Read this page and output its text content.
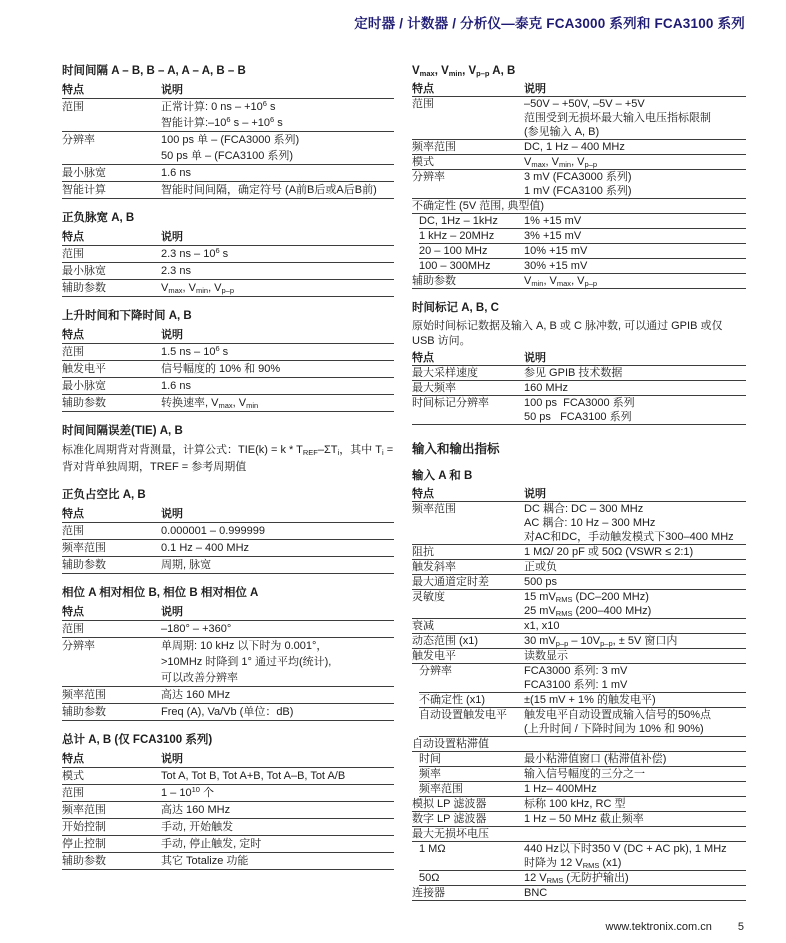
定时器 / 计数器 / 分析仪—泰克 FCA3000 系列和 FCA3100 系列
时间间隔 A – B, B – A, A – A, B – B
特点	说明
范围	正常计算: 0 ns – $+10^6$ s
智能计算$:-10^6$ $s - +10^6$ s
分辨率	100 ps 单 – (FCA3000 系列)
50 ps 单 – (FCA3100 系列)
最小脉宽	1.6 ns
智能计算	智能时间间隔，确定符号 (A前B后或A后B前)
正负脉宽 A, B
特点	说明
范围	2.3 ns – $10^6$ s
最小脉宽	2.3 ns
辅助参数	$V_{max}$, $V_{min}$, $V_{p-p}$
上升时间和下降时间 A, B
特点	说明
范围	1.5 ns – $10^6$ s
触发电平	信号幅度的 10% 和 90%
最小脉宽	1.6 ns
辅助参数	转换速率, $V_{max}$, $V_{min}$
时间间隔误差(TIE) A, B
标准化周期背对背测量，计算公式：$TIE(k) = k * T_{REF}-\Sigma T_i$，其中 $T_i$ = 背对背单独周期，TREF = 参考周期值
正负占空比 A, B
特点	说明
范围	0.000001 – 0.999999
频率范围	0.1 Hz – 400 MHz
辅助参数	周期, 脉宽
相位 A 相对相位 B, 相位 B 相对相位 A
特点	说明
范围	–180° – +360°
分辨率	单周期: 10 kHz 以下时为 0.001°，
>10MHz 时降到 1° 通过平均(统计),
可以改善分辨率
频率范围	高达 160 MHz
辅助参数	Freq (A), Va/Vb (单位：dB)
总计 A, B (仅 FCA3100 系列)
特点	说明
模式	Tot A, Tot B, Tot A+B, Tot A–B, Tot A/B
范围	$1 - 10^{10}$ 个
频率范围	高达 160 MHz
开始控制	手动, 开始触发
停止控制	手动, 停止触发, 定时
辅助参数	其它 Totalize 功能
$V_{max}$, $V_{min}$, $V_{p-p}$ A, B
特点	说明
范围	–50V – +50V, –5V – +5V
范围受到无损坏最大输入电压指标限制
(参见输入 A, B)
频率范围	DC, 1 Hz – 400 MHz
模式	$V_{max}$, $V_{min}$, $V_{p-p}$
分辨率	3 mV (FCA3000 系列)
1 mV (FCA3100 系列)
不确定性 (5V 范围, 典型值)
DC, 1Hz – 1kHz	1% +15 mV
1 kHz – 20MHz	3% +15 mV
20 – 100 MHz	10% +15 mV
100 – 300MHz	30% +15 mV
辅助参数	$V_{min}$, $V_{max}$, $V_{p-p}$
时间标记 A, B, C
原始时间标记数据及输入 A, B 或 C 脉冲数, 可以通过 GPIB 或仅 USB 访问。
特点	说明
最大采样速度	参见 GPIB 技术数据
最大频率	160 MHz
时间标记分辨率	100 ps  FCA3000 系列
50 ps   FCA3100 系列
输入和输出指标
输入 A 和 B
特点	说明
频率范围	DC 耦合: DC – 300 MHz
AC 耦合: 10 Hz – 300 MHz
对AC和DC，手动触发模式下300–400 MHz
阻抗	1 MΩ/ 20 pF 或 50Ω (VSWR ≤ 2:1)
触发斜率	正或负
最大通道定时差	500 ps
灵敏度	15 $mV_{RMS}$ (DC–200 MHz)
25 $mV_{RMS}$ (200–400 MHz)
衰减	x1, x10
动态范围 (x1)	30 $mV_{p-p} - 10V_{p-p}$, ± 5V 窗口内
触发电平	读数显示
分辨率	FCA3000 系列: 3 mV
FCA3100 系列: 1 mV
不确定性 (x1)	±(15 mV + 1% 的触发电平)
自动设置触发电平	触发电平自动设置成输入信号的50%点
(上升时间 / 下降时间为 10% 和 90%)
自动设置粘滞值
时间	最小粘滞值窗口 (粘滞值补偿)
频率	输入信号幅度的三分之一
频率范围	1 Hz– 400MHz
模拟 LP 滤波器	标称 100 kHz, RC 型
数字 LP 滤波器	1 Hz – 50 MHz 截止频率
最大无损坏电压
1 MΩ	440 Hz以下时350 V (DC + AC pk), 1 MHz
时降为 12 $V_{RMS}$ (x1)
50Ω	12 $V_{RMS}$ (无防护输出)
连接器	BNC
www.tektronix.com.cn 5
